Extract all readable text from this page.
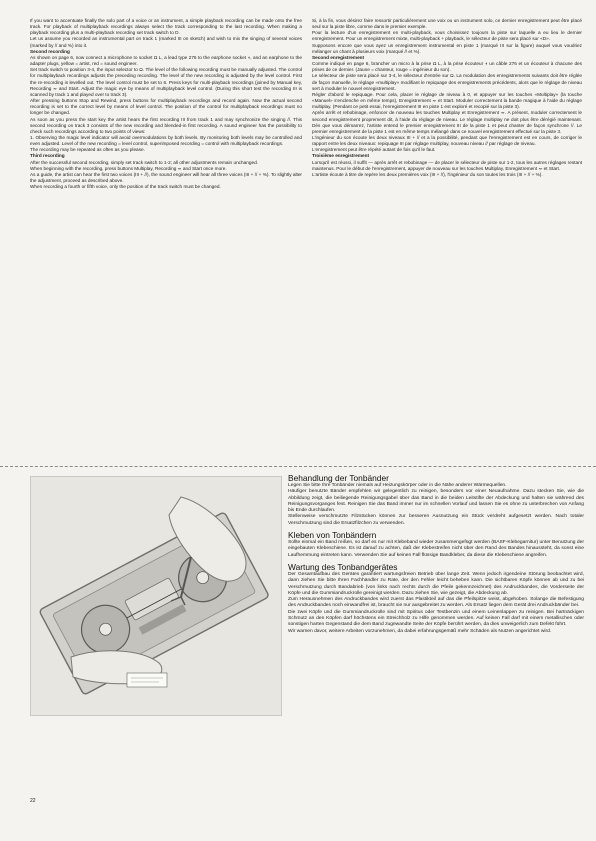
If you want to accentuate finally the solo part of a voice or an instrument, a simple playback recording can be made onto the free track. For playback of multiplayback recordings always select the track corresponding to the last recording. When making a playback recording plus a multi-playback recording set track switch to D.

Let us assume you recorded an instrumental part on track 1 (marked III on sketch) and wish to mix the singing of several voices (marked by // and %) into it.

Second recording

As shown on page 6, now connect a microphone to socket Ω L, a lead type 276 to the earphone socket ◖, and an earphone to the adapter plugs, yellow = artist, red = sound engineer.

Set track switch to position 3-4, the input selector to Ω. The level of the following recording must be manually adjusted. The control for multiplayback recordings adjusts the preceding recording. The level of the new recording is adjusted by the level control. First the re-recording is levelled out. The level control must be set to 6. Press keys for multi-playback recordings (joined by Manual key, Recording ≂ and Start. Adjust the magic eye by means of multiplayback level control. (During this short test the recording III is scanned by track 1 and played over to track 3).

After pressing buttons Stop and Rewind, press buttons for multiplayback recordings and record again. Now the actual second recording is set to the correct level by means of level control. The position of the control for multiplayback recordings must no longer be changed.

As soon as you press the start key the artist hears the first recording III from track 1 and may synchronize the singing //. This second recording on track 3 consists of the new recording and blended-in first recording. A sound engineer has the possibility to check such recordings according to two points of views:

1. Observing the magic level indicator will avoid overmodulations by both levels. By monitoring both levels may be controlled and even adjusted. Level of the new recording = level control, superimposed recording = control with multiplayback recordings.

The recording may be repeated as often as you please.

Third recording

After the successful second recording, simply set track switch to 1-2; all other adjustments remain unchanged.

When beginning with the recording, press buttons Multiplay, Recording ≂ and Start once more.

As a guide, the artist can hear the first two voices (III + //), the sound engineer will hear all three voices (III + // + %). To slightly alter the adjustment, proceed as described above.

When recording a fourth or fifth voice, only the position of the track switch must be changed.

Si, à la fin, vous désirez faire ressortir particulièrement une voix ou un instrument solo, ce dernier enregistrement peut être placé seul sur la piste libre, comme dans le premier exemple.

Pour la lecture d'un enregistrement en multi-playback, vous choisissez toujours la piste sur laquelle a eu lieu le dernier enregistrement. Pour un enregistrement mixte, multi-playback + playback, le sélecteur de piste sera placé sur «D».

Supposons encore que vous ayez un enregistrement instrumental en piste 1 (marqué III sur la figure) auquel vous voudriez mélanger un chant à plusieurs voix (marqué // et %).

Second enregistrement

Comme indiqué en page 6, brancher un micro à la prise Ω L, à la prise écouteur ◖ un câble 276 et un écouteur à chacune des prises de ce dernier. (Jaune = chanteur, rouge = ingénieur du son).

Le sélecteur de piste sera placé sur 3-4, le sélecteur d'entrée sur Ω. La modulation des enregistrements suivants doit être réglée de façon manuelle, le réglage «multiplay» modifiant le repiquage des enregistrements précédents, alors que le réglage de niveau sert à moduler le nouvel enregistrement.

Régler d'abord le repiquage. Pour cela, placer le réglage de niveau à 0, et appuyer sur les touches «Multiplay» (la touche «Manuel» s'enclenche en même temps), Enregistrement ≂ et Start. Moduler correctement la bande magique à l'aide du réglage multiplay. (Pendant ce petit essai, l'enregistrement III en piste 1 est exploré et recopié sur la piste 3).

Après arrêt et rebobinage, enfoncer de nouveau les touches Multiplay et Enregistrement ≂. A présent, moduler correctement le second enregistrement proprement dit, à l'aide du réglage de niveau. Le réglage multiplay ne doit plus être dérégié maintenant. Dès que vous démarrez, l'artiste entend le premier enregistrement III de la piste 1 et peut chanter de façon synchrone //. Le premier enregistrement de la piste 1 est en même temps mélangé dans ce nouvel enregistrement effectué sur la piste 3.

L'ingénieur du son écoute les deux niveaux III + // et a la possibilité, pendant que l'enregistrement est en cours, de corriger le rapport entre les deux niveaux: repiquage III par réglage multiplay, nouveau niveau // par réglage de niveau.

L'enregistrement peut être répété autant de fois qu'il le faut.

Troisième enregistrement

Lorsqu'il est réussi, il suffit — après arrêt et rebobinage — de placer le sélecteur de piste sur 1-2, tous les autres réglages restant maintenus. Pour le début de l'enregistrement, appuyer de nouveau sur les touches Multiplay, Enregistrement ≂ et Start.

L'artiste écoute à titre de repère les deux premières voix (III + //), l'ingénieur du son toutes les trois (III + // + %).

Behandlung der Tonbänder

Legen Sie bitte Ihre Tonbänder niemals auf Heizungskörper oder in die Nähe anderer Wärmequellen.

Häufiger benutzte Bänder empfehlen wir gelegentlich zu reinigen, besonders vor einer Neuaufnahme. Dazu stecken Sie, wie die Abbildung zeigt, die beiliegende Reinigungsgabel über das Band in die beiden Leitstifte der Abdeckung und halten sie während des Reinigungsvorganges fest. Reinigen Sie das Band immer nur im schnellen Vorlauf und lassen Sie es ohne zu unterbrechen von Anfang bis Ende durchlaufen.

Stellenweise verschmutzte Filzstücken können zur besseren Ausnutzung ein Stück verdreht aufgesetzt werden. Nach totaler Verschmutzung sind die Ersatzfilzchen zu verwenden.

Kleben von Tonbändern

Sollte einmal ein Band reißen, so darf es nur mit Klebeband wieder zusammengefügt werden (BASF-Klebegarnitur) unter Benutzung der eingebauten Klebeschiene. Es ist darauf zu achten, daß der Klebestreifen nicht über den Rand des Bandes hinaussteht, da sonst eine Laufhemmung eintreten kann. Verwenden Sie auf keinen Fall flüssige Bandkleber, da diese die Klebeschiene angreifen.

Wartung des Tonbandgerätes

Der Gesamtaufbau des Gerätes garantiert wartungsfreien Betrieb über lange Zeit. Wenn jedoch irgendeine Störung beobachtet wird, dann ziehen Sie bitte Ihren Fachhändler zu Rate, der den Fehler leicht beheben kann. Die sichtbaren Köpfe können ab und zu bei Verschmutzung durch Bandabrieb (von links nach rechts durch die Pfeile gekennzeichnet) des Andruckbandes, die Vorderseite der Köpfe und die Gummiandruckrolle gereinigt werden. Dazu ziehen Sie, wie gezeigt, die Abdeckung ab.

Zum Herausnehmen des Andruckbandes wird zuerst das Plastikteil auf das die Pfeilspitze weist, abgehoben. Solange die Befestigung des Andruckbandes noch einwandfrei ist, braucht sie nur ausgebreitet zu werden. Als Ersatz liegen dem Gerät drei Andruckbänder bei.

Die zwei Köpfe und die Gummiandruckrolle sind mit Spiritus oder Testbenzin und einem Leinenlappen zu reinigen. Bei hartnäckigen Schmutz an den Köpfen darf höchstens ein Streichholz zu Hilfe genommen werden. Auf keinen Fall darf mit einem metallischen oder sonstigen harten Gegenstand die dem Band zugewandte Seite der Köpfe berührt werden, da dies unweigerlich zum Defekt führt.

Wir warnen davor, weitere Arbeiten vorzunehmen, da dabei erfahrungsgemäß mehr Schäden als Nutzen angerichtet wird.

22
